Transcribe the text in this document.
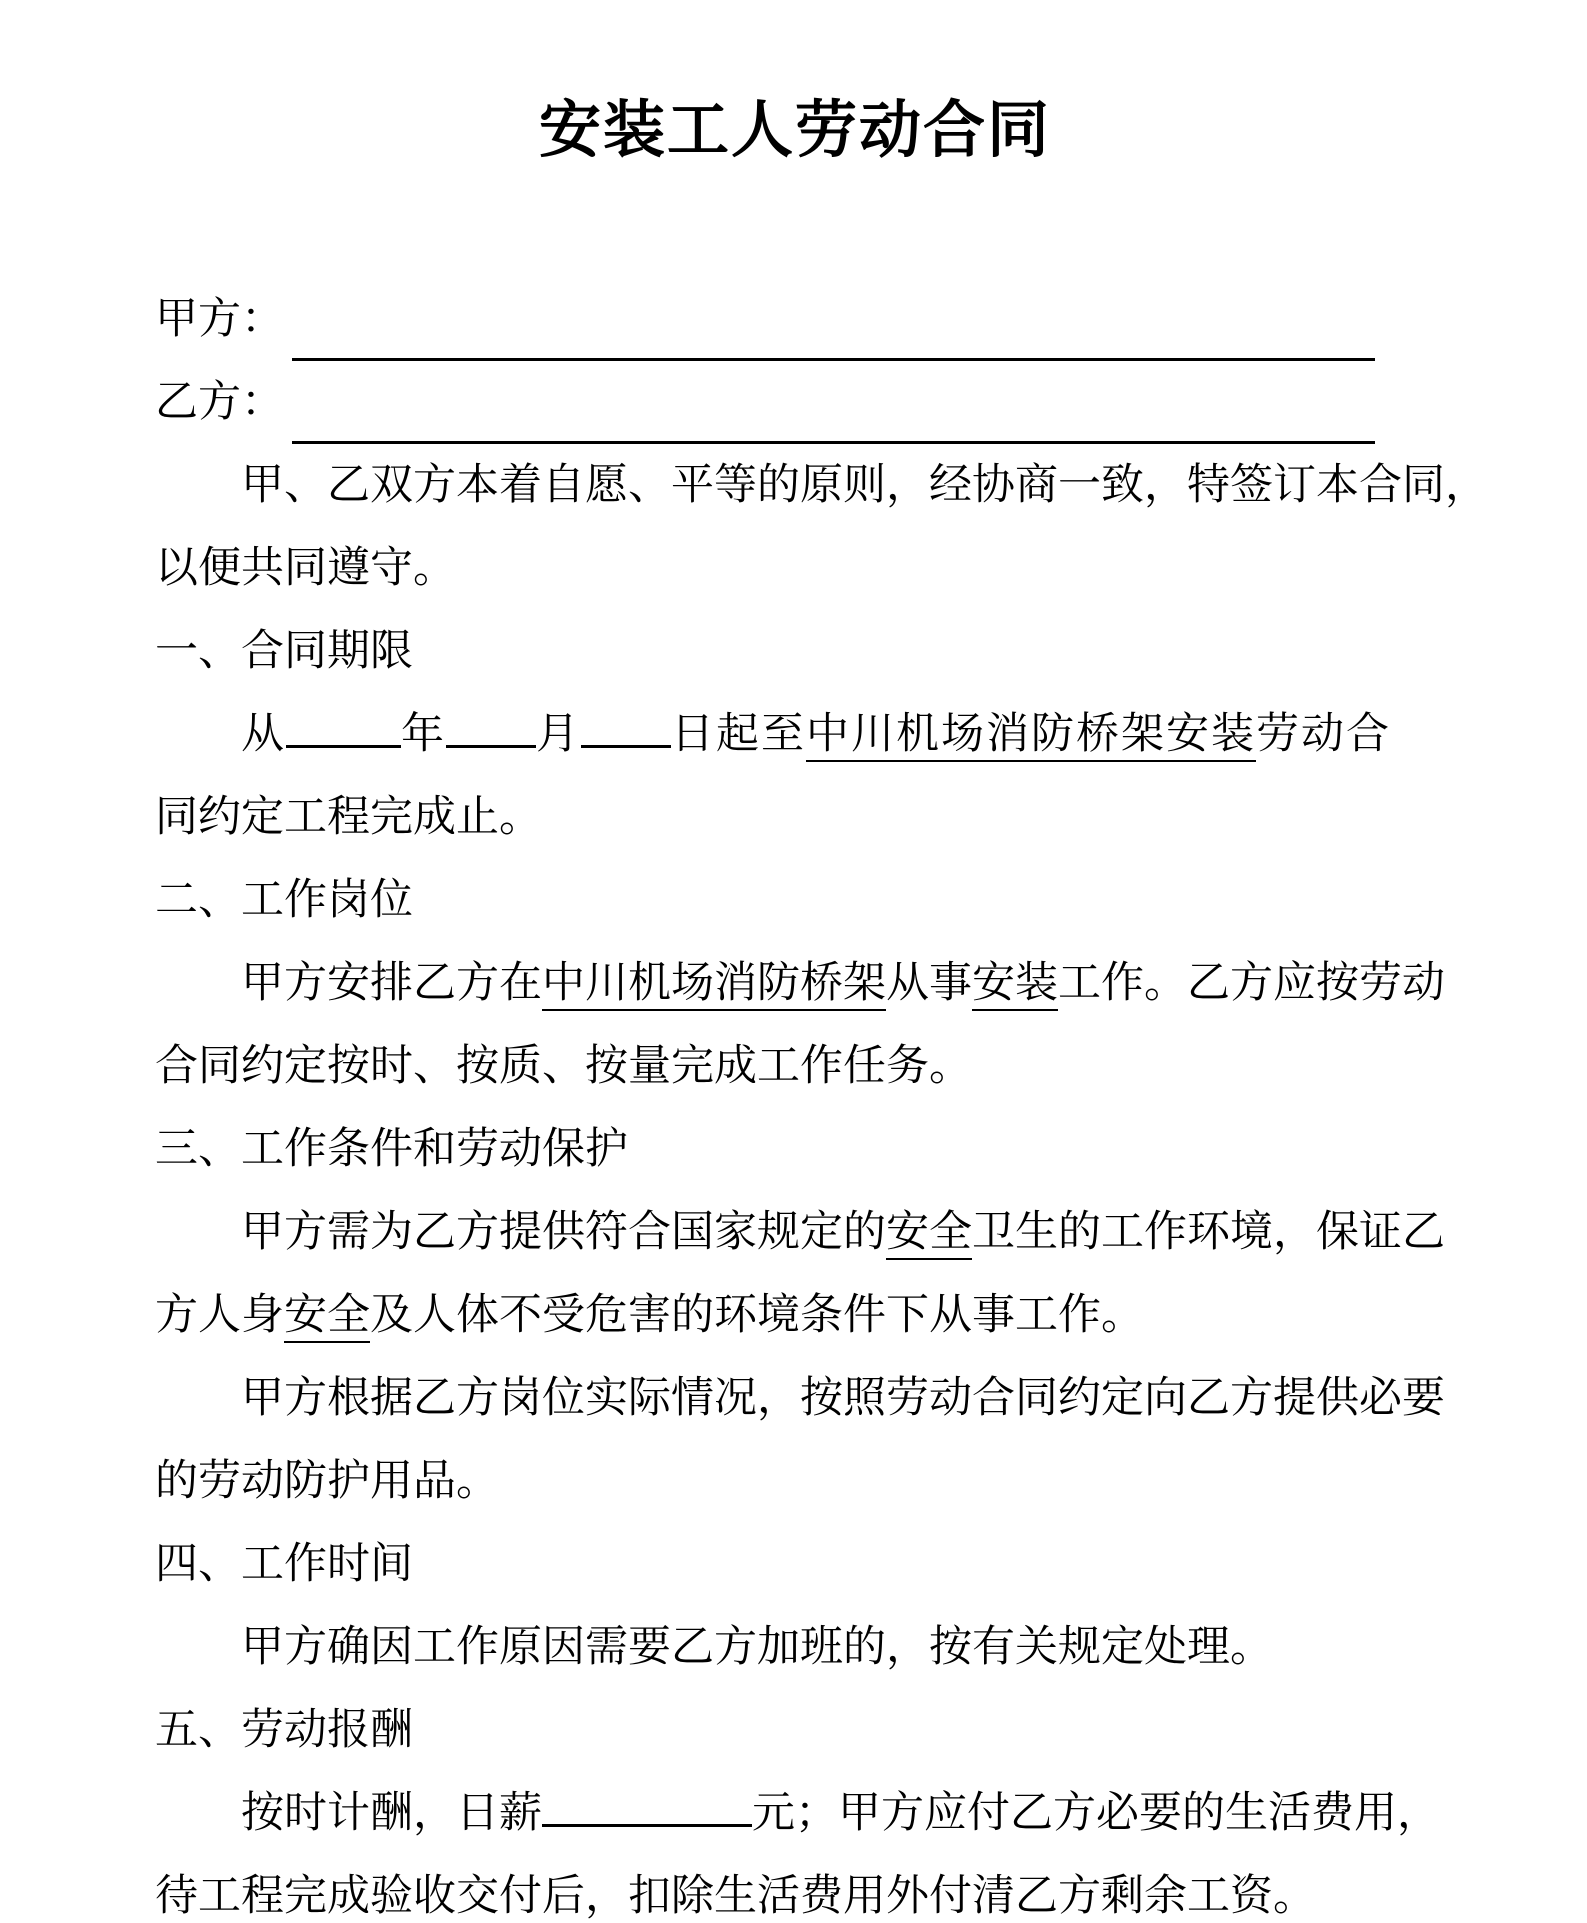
安装工人劳动合同
甲方：
乙方：
甲、乙双方本着自愿、平等的原则，经协商一致，特签订本合同，
以便共同遵守。
一、合同期限
从	年 月 日起至中川机场消防桥架安装劳动合
同约定工程完成止。
二、工作岗位
甲方安排乙方在中川机场消防桥架从事安装工作。乙方应按劳动
合同约定按时、按质、按量完成工作任务。
三、工作条件和劳动保护
甲方需为乙方提供符合国家规定的安全卫生的工作环境，保证乙
方人身安全及人体不受危害的环境条件下从事工作。
甲方根据乙方岗位实际情况，按照劳动合同约定向乙方提供必要
的劳动防护用品。
四、工作时间
甲方确因工作原因需要乙方加班的，按有关规定处理。
五、劳动报酬
按时计酬，日薪	元；甲方应付乙方必要的生活费用，
待工程完成验收交付后，扣除生活费用外付清乙方剩余工资。
